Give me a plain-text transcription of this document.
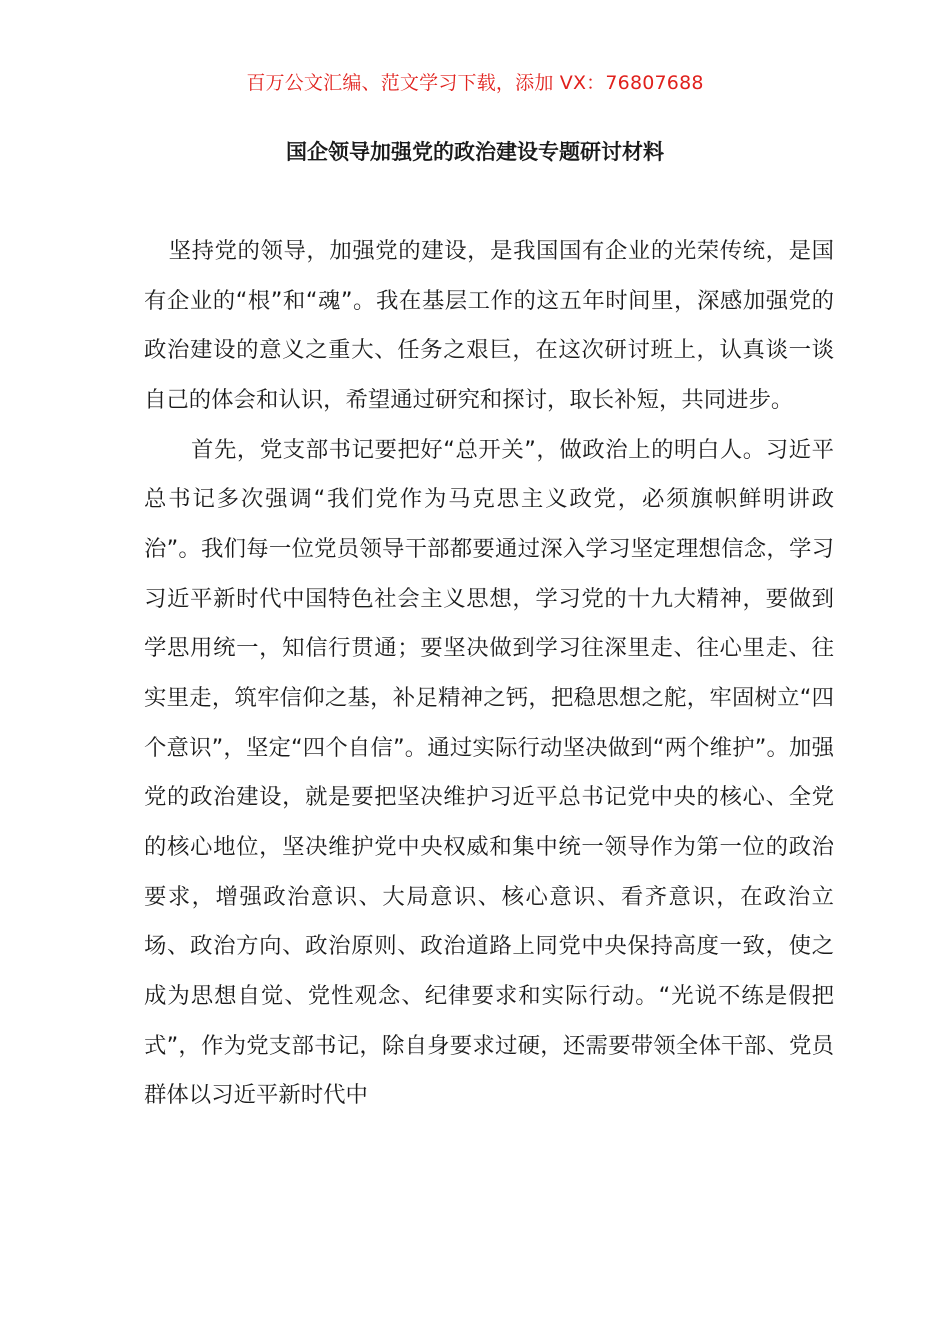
百万公文汇编、范文学习下载，添加 VX：76807688
国企领导加强党的政治建设专题研讨材料

坚持党的领导，加强党的建设，是我国国有企业的光荣传统，是国有企业的“根”和“魂”。我在基层工作的这五年时间里，深感加强党的政治建设的意义之重大、任务之艰巨，在这次研讨班上，认真谈一谈自己的体会和认识，希望通过研究和探讨，取长补短，共同进步。

首先，党支部书记要把好“总开关”，做政治上的明白人。习近平总书记多次强调“我们党作为马克思主义政党，必须旗帜鲜明讲政治”。我们每一位党员领导干部都要通过深入学习坚定理想信念，学习习近平新时代中国特色社会主义思想，学习党的十九大精神，要做到学思用统一，知信行贯通；要坚决做到学习往深里走、往心里走、往实里走，筑牢信仰之基，补足精神之钙，把稳思想之舵，牢固树立“四个意识”，坚定“四个自信”。通过实际行动坚决做到“两个维护”。加强党的政治建设，就是要把坚决维护习近平总书记党中央的核心、全党的核心地位，坚决维护党中央权威和集中统一领导作为第一位的政治要求，增强政治意识、大局意识、核心意识、看齐意识，在政治立场、政治方向、政治原则、政治道路上同党中央保持高度一致，使之成为思想自觉、党性观念、纪律要求和实际行动。“光说不练是假把式”，作为党支部书记，除自身要求过硬，还需要带领全体干部、党员群体以习近平新时代中
